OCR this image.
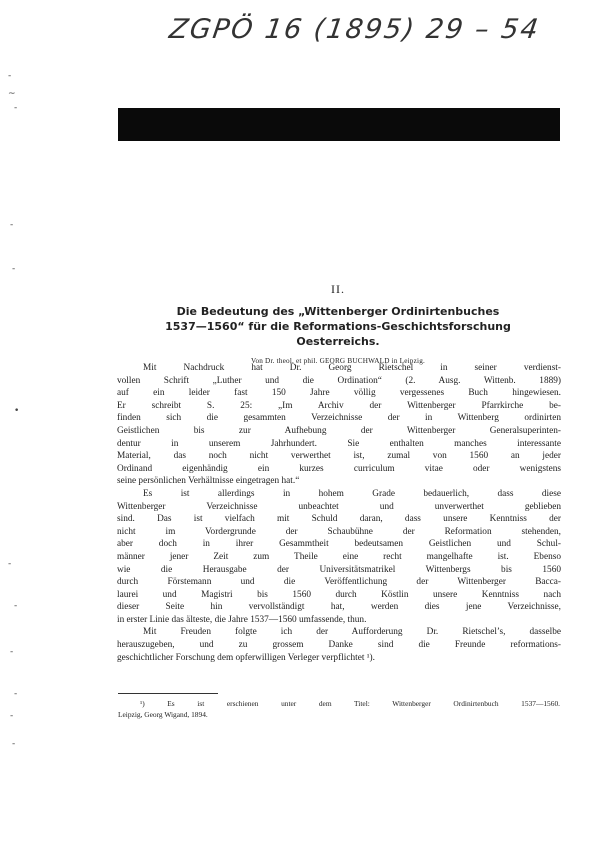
ZGPÖ 16 (1895) 29 – 54
-
~
-
-
-
•
-
-
-
-
-
-
II.
Die Bedeutung des „Wittenberger Ordinirtenbuches
1537—1560“ für die Reformations-Geschichtsforschung
Oesterreichs.
Von Dr. theol. et phil. GEORG BUCHWALD in Leipzig.
Mit Nachdruck hat Dr. Georg Rietschel in seiner verdienst-
vollen Schrift „Luther und die Ordination“ (2. Ausg. Wittenb. 1889)
auf ein leider fast 150 Jahre völlig vergessenes Buch hingewiesen.
Er schreibt S. 25: „Im Archiv der Wittenberger Pfarrkirche be-
finden sich die gesammten Verzeichnisse der in Wittenberg ordinirten
Geistlichen bis zur Aufhebung der Wittenberger Generalsuperinten-
dentur in unserem Jahrhundert. Sie enthalten manches interessante
Material, das noch nicht verwerthet ist, zumal von 1560 an jeder
Ordinand eigenhändig ein kurzes curriculum vitae oder wenigstens
seine persönlichen Verhältnisse eingetragen hat.“
Es ist allerdings in hohem Grade bedauerlich, dass diese
Wittenberger Verzeichnisse unbeachtet und unverwerthet geblieben
sind. Das ist vielfach mit Schuld daran, dass unsere Kenntniss der
nicht im Vordergrunde der Schaubühne der Reformation stehenden,
aber doch in ihrer Gesammtheit bedeutsamen Geistlichen und Schul-
männer jener Zeit zum Theile eine recht mangelhafte ist. Ebenso
wie die Herausgabe der Universitätsmatrikel Wittenbergs bis 1560
durch Förstemann und die Veröffentlichung der Wittenberger Bacca-
laurei und Magistri bis 1560 durch Köstlin unsere Kenntniss nach
dieser Seite hin vervollständigt hat, werden dies jene Verzeichnisse,
in erster Linie das älteste, die Jahre 1537—1560 umfassende, thun.
Mit Freuden folgte ich der Aufforderung Dr. Rietschel’s, dasselbe
herauszugeben, und zu grossem Danke sind die Freunde reformations-
geschichtlicher Forschung dem opferwilligen Verleger verpflichtet ¹).
¹) Es ist erschienen unter dem Titel: Wittenberger Ordinirtenbuch 1537—1560.
Leipzig, Georg Wigand, 1894.
